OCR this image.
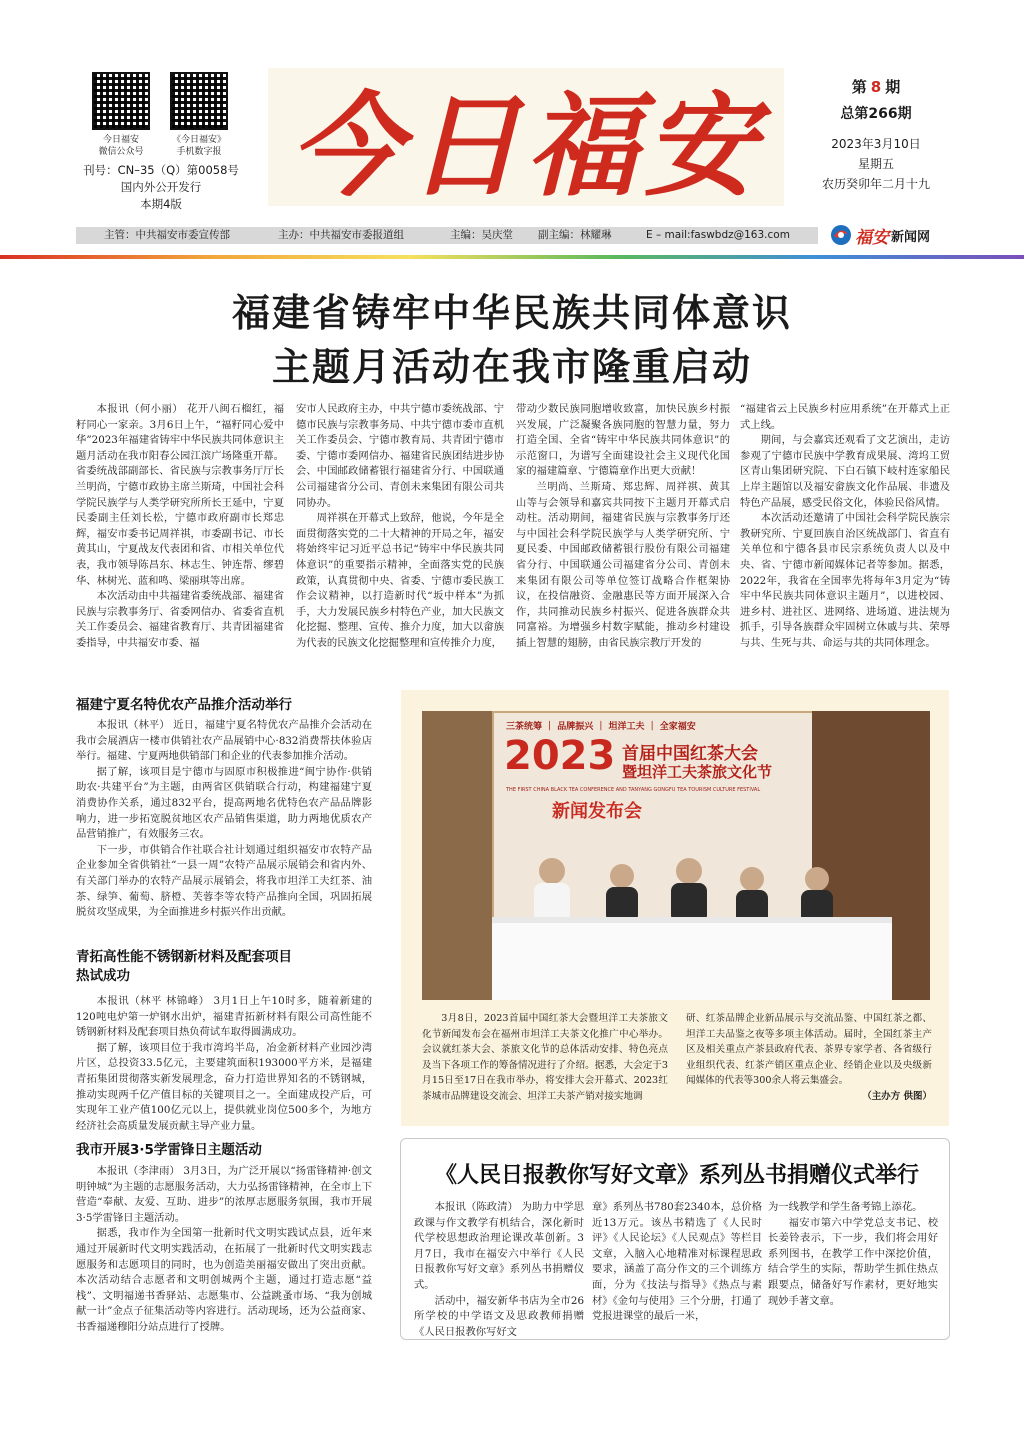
今日福安
微信公众号
《今日福安》
手机数字报
刊号：CN–35（Q）第0058号
国内外公开发行
本期4版 今日福安	第 8 期
总第266期
2023年3月10日
星期五
农历癸卯年二月十九
主管：中共福安市委宣传部	主办：中共福安市委报道组	主编：吴庆堂 副主编：林耀琳	E – mail:faswbdz@163.com	福安 新闻网
福建省铸牢中华民族共同体意识
主题月活动在我市隆重启动

本报讯（何小丽） 花开八闽石榴红，福籽同心一家亲。3月6日上午，“福籽同心爱中华”2023年福建省铸牢中华民族共同体意识主题月活动在我市阳春公园江滨广场隆重开幕。省委统战部副部长、省民族与宗教事务厅厅长兰明尚，宁德市政协主席兰斯琦，中国社会科学院民族学与人类学研究所所长王延中，宁夏民委副主任刘长松，宁德市政府副市长郑忠辉，福安市委书记周祥祺，市委副书记、市长黄其山，宁夏战友代表团和省、市相关单位代表，我市领导陈昌东、林志生、钟连帮、缪碧华、林树光、蓝和鸣、梁丽琪等出席。

本次活动由中共福建省委统战部、福建省民族与宗教事务厅、省委网信办、省委省直机关工作委员会、福建省教育厅、共青团福建省委指导，中共福安市委、福

安市人民政府主办，中共宁德市委统战部、宁德市民族与宗教事务局、中共宁德市委市直机关工作委员会、宁德市教育局、共青团宁德市委、宁德市委网信办、福建省民族团结进步协会、中国邮政储蓄银行福建省分行、中国联通公司福建省分公司、青创未来集团有限公司共同协办。

周祥祺在开幕式上致辞，他说，今年是全面贯彻落实党的二十大精神的开局之年，福安将始终牢记习近平总书记“铸牢中华民族共同体意识”的重要指示精神，全面落实党的民族政策，认真贯彻中央、省委、宁德市委民族工作会议精神，以打造新时代“坂中样本”为抓手，大力发展民族乡村特色产业，加大民族文化挖掘、整理、宣传、推介力度，加大以畲族为代表的民族文化挖掘整理和宣传推介力度，

带动少数民族同胞增收致富，加快民族乡村振兴发展，广泛凝聚各族同胞的智慧力量，努力打造全国、全省“铸牢中华民族共同体意识”的示范窗口，为谱写全面建设社会主义现代化国家的福建篇章、宁德篇章作出更大贡献！

兰明尚、兰斯琦、郑忠辉、周祥祺、黄其山等与会领导和嘉宾共同按下主题月开幕式启动柱。活动期间，福建省民族与宗教事务厅还与中国社会科学院民族学与人类学研究所、宁夏民委、中国邮政储蓄银行股份有限公司福建省分行、中国联通公司福建省分公司、青创未来集团有限公司等单位签订战略合作框架协议，在投信融资、金融惠民等方面开展深入合作，共同推动民族乡村振兴、促进各族群众共同富裕。为增强乡村数字赋能，推动乡村建设插上智慧的翅膀，由省民族宗教厅开发的

“福建省云上民族乡村应用系统”在开幕式上正式上线。

期间，与会嘉宾还观看了文艺演出，走访参观了宁德市民族中学教育成果展、湾坞工贸区青山集团研究院、下白石镇下岐村连家船民上岸主题馆以及福安畲族文化作品展、非遗及特色产品展，感受民俗文化，体验民俗风情。

本次活动还邀请了中国社会科学院民族宗教研究所、宁夏回族自治区统战部门、省直有关单位和宁德各县市民宗系统负责人以及中央、省、宁德市新闻媒体记者等参加。据悉，2022年，我省在全国率先将每年3月定为“铸牢中华民族共同体意识主题月”，以进校园、进乡村、进社区、进网络、进场道、进法规为抓手，引导各族群众牢固树立休戚与共、荣辱与共、生死与共、命运与共的共同体理念。

福建宁夏名特优农产品推介活动举行

本报讯（林平） 近日，福建宁夏名特优农产品推介会活动在我市会展酒店一楼市供销社农产品展销中心·832消费帮扶体验店举行。福建、宁夏两地供销部门和企业的代表参加推介活动。

据了解，该项目是宁德市与固原市积极推进“闽宁协作·供销助农·共建平台”为主题，由两省区供销联合行动，构建福建宁夏消费协作关系，通过832平台，提高两地名优特色农产品品牌影响力，进一步拓宽脱贫地区农产品销售渠道，助力两地优质农产品营销推广，有效服务三农。

下一步，市供销合作社联合社计划通过组织福安市农特产品企业参加全省供销社“一县一周”农特产品展示展销会和省内外、有关部门举办的农特产品展示展销会，将我市坦洋工夫红茶、油茶、绿笋、葡萄、脐橙、芙蓉李等农特产品推向全国，巩固拓展脱贫攻坚成果，为全面推进乡村振兴作出贡献。

青拓高性能不锈钢新材料及配套项目
热试成功

本报讯（林平 林锦峰） 3月1日上午10时多，随着新建的120吨电炉第一炉钢水出炉，福建青拓新材料有限公司高性能不锈钢新材料及配套项目热负荷试车取得圆满成功。

据了解，该项目位于我市湾坞半岛，冶金新材料产业园沙湾片区，总投资33.5亿元，主要建筑面积193000平方米，是福建青拓集团贯彻落实新发展理念，奋力打造世界知名的不锈钢城，推动实现两千亿产值目标的关键项目之一。全面建成投产后，可实现年工业产值100亿元以上，提供就业岗位500多个，为地方经济社会高质量发展贡献主导产业力量。

我市开展3·5学雷锋日主题活动

本报讯（李津雨） 3月3日，为广泛开展以“扬雷锋精神·创文明钟城”为主题的志愿服务活动，大力弘扬雷锋精神，在全市上下营造“奉献、友爱、互助、进步”的浓厚志愿服务氛围，我市开展3·5学雷锋日主题活动。

据悉，我市作为全国第一批新时代文明实践试点县，近年来通过开展新时代文明实践活动，在拓展了一批新时代文明实践志愿服务和志愿项目的同时，也为创造美丽福安做出了突出贡献。本次活动结合志愿者和文明创城两个主题，通过打造志愿“益栈”、文明福递书香驿站、志愿集市、公益跳蚤市场、“我为创城献一计”金点子征集活动等内容进行。活动现场，还为公益商家、书香福递穆阳分站点进行了授牌。

三茶统筹 ｜ 品牌振兴 ｜ 坦洋工夫 ｜ 全家福安
2023 首届中国红茶大会
暨坦洋工夫茶旅文化节
THE FIRST CHINA BLACK TEA CONFERENCE AND TANYANG GONGFU TEA TOURISM CULTURE FESTIVAL
新闻发布会

3月8日，2023首届中国红茶大会暨坦洋工夫茶旅文化节新闻发布会在福州市坦洋工夫茶文化推广中心举办。会议就红茶大会、茶旅文化节的总体活动安排、特色亮点及当下各项工作的筹备情况进行了介绍。据悉，大会定于3月15日至17日在我市举办，将安排大会开幕式、2023红茶城市品牌建设交流会、坦洋工夫茶产销对接实地调

研、红茶品牌企业新品展示与交流品鉴、中国红茶之都、坦洋工夫品鉴之夜等多项主体活动。届时，全国红茶主产区及相关重点产茶县政府代表、茶界专家学者、各省级行业组织代表、红茶产销区重点企业、经销企业以及央级新闻媒体的代表等300余人将云集盛会。

（主办方 供图）
《人民日报教你写好文章》系列丛书捐赠仪式举行

本报讯（陈政清） 为助力中学思政课与作文教学有机结合，深化新时代学校思想政治理论课改革创新。3月7日，我市在福安六中举行《人民日报教你写好文章》系列丛书捐赠仪式。

活动中，福安新华书店为全市26所学校的中学语文及思政教师捐赠《人民日报教你写好文

章》系列丛书780套2340本，总价格近13万元。该丛书精选了《人民时评》《人民论坛》《人民观点》等栏目文章，入脑入心地精准对标课程思政要求，涵盖了高分作文的三个训练方面，分为《技法与指导》《热点与素材》《金句与使用》三个分册，打通了党报进课堂的最后一米，

为一线教学和学生备考锦上添花。

福安市第六中学党总支书记、校长姜铃表示，下一步，我们将会用好系列图书，在教学工作中深挖价值，结合学生的实际，帮助学生抓住热点跟要点，储备好写作素材，更好地实现妙手著文章。
